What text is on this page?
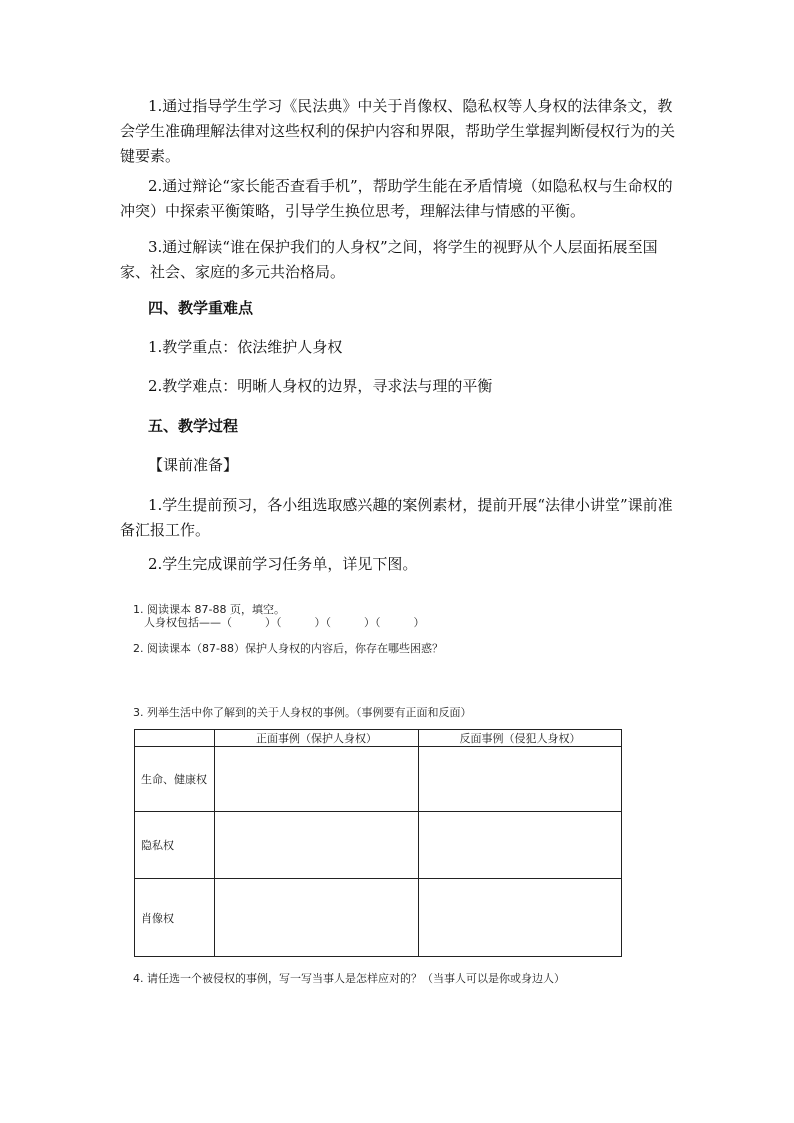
1.通过指导学生学习《民法典》中关于肖像权、隐私权等人身权的法律条文，教会学生准确理解法律对这些权利的保护内容和界限，帮助学生掌握判断侵权行为的关键要素。
2.通过辩论“家长能否查看手机”，帮助学生能在矛盾情境（如隐私权与生命权的冲突）中探索平衡策略，引导学生换位思考，理解法律与情感的平衡。
3.通过解读“谁在保护我们的人身权”之间，将学生的视野从个人层面拓展至国家、社会、家庭的多元共治格局。
四、教学重难点
1.教学重点：依法维护人身权
2.教学难点：明晰人身权的边界，寻求法与理的平衡
五、教学过程
【课前准备】
1.学生提前预习，各小组选取感兴趣的案例素材，提前开展“法律小讲堂”课前准备汇报工作。
2.学生完成课前学习任务单，详见下图。
1. 阅读课本 87-88 页，填空。
人身权包括——（　　　）（　　　）（　　　）（　　　）
2. 阅读课本（87-88）保护人身权的内容后，你存在哪些困惑？
3. 列举生活中你了解到的关于人身权的事例。（事例要有正面和反面）
	正面事例（保护人身权）	反面事例（侵犯人身权）
生命、健康权		
隐私权		
肖像权		
4. 请任选一个被侵权的事例，写一写当事人是怎样应对的？（当事人可以是你或身边人）
